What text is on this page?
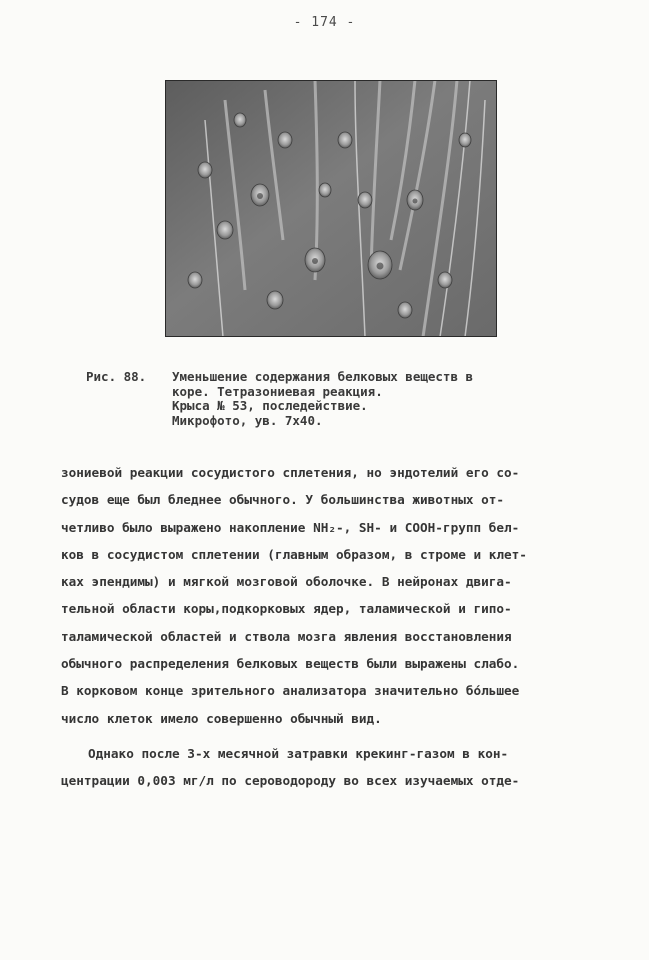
- 174 -
Рис. 88. Уменьшение содержания белковых веществ в
коре. Тетразониевая реакция.
Крыса № 53, последействие.
Микрофото, ув. 7х40.
зониевой реакции сосудистого сплетения, но эндотелий его со-
судов еще был бледнее обычного. У большинства животных от-
четливо было выражено накопление NH₂-, SH- и СООН-групп бел-
ков в сосудистом сплетении (главным образом, в строме и клет-
ках эпендимы) и мягкой мозговой оболочке. В нейронах двига-
тельной области коры,подкорковых ядер, таламической и гипо-
таламической областей и ствола мозга явления восстановления
обычного распределения белковых веществ были выражены слабо.
В корковом конце зрительного анализатора значительно бо́льшее
число клеток имело совершенно обычный вид.
Однако после 3-х месячной затравки крекинг-газом в кон-
центрации 0,003 мг/л по сероводороду во всех изучаемых отде-
